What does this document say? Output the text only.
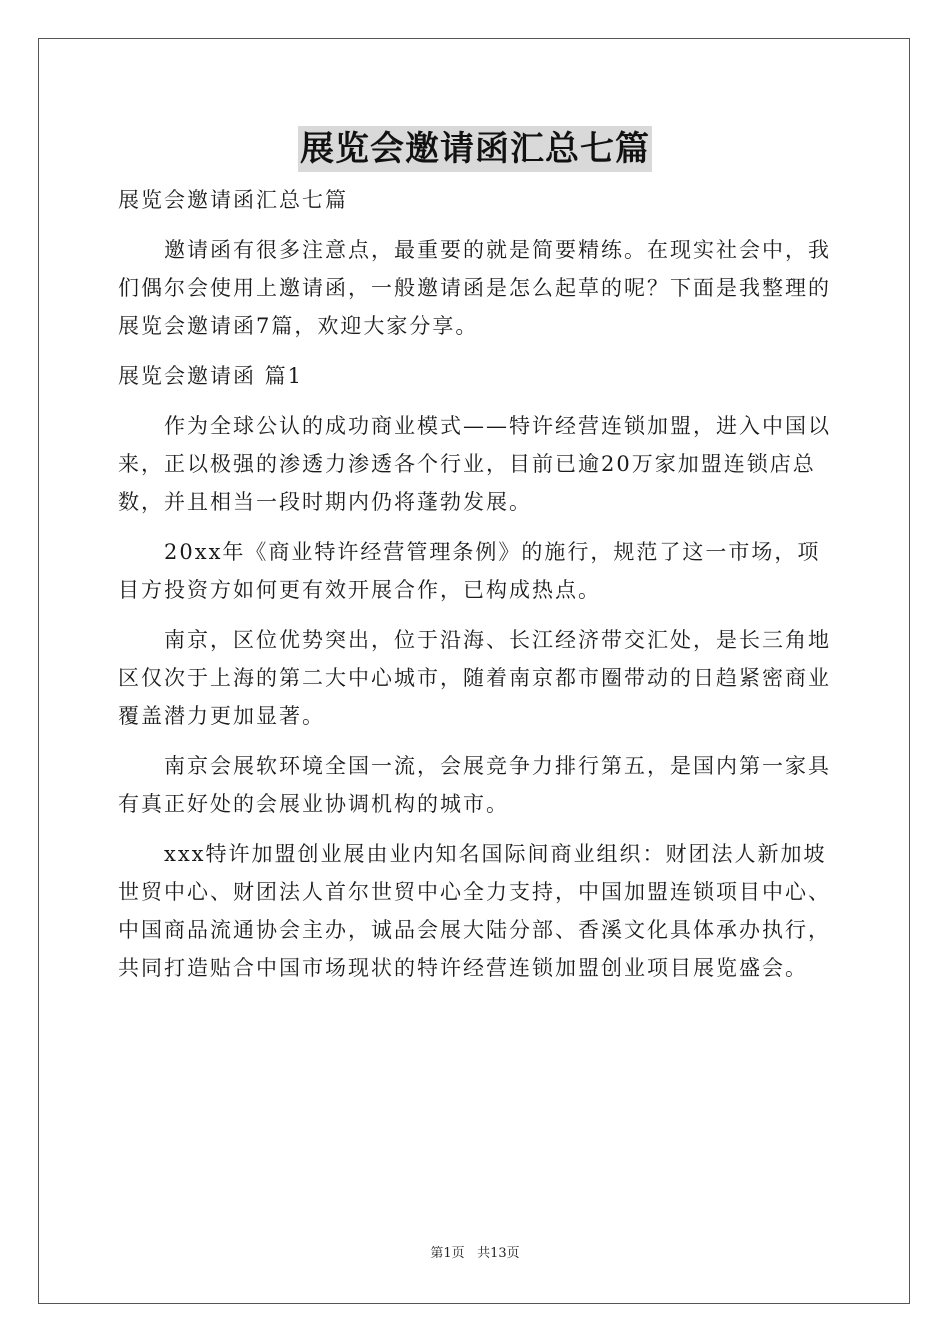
展览会邀请函汇总七篇

展览会邀请函汇总七篇

邀请函有很多注意点，最重要的就是简要精练。在现实社会中，我们偶尔会使用上邀请函，一般邀请函是怎么起草的呢？下面是我整理的展览会邀请函7篇，欢迎大家分享。

展览会邀请函 篇1

作为全球公认的成功商业模式——特许经营连锁加盟，进入中国以来，正以极强的渗透力渗透各个行业，目前已逾20万家加盟连锁店总数，并且相当一段时期内仍将蓬勃发展。

20xx年《商业特许经营管理条例》的施行，规范了这一市场，项目方投资方如何更有效开展合作，已构成热点。

南京，区位优势突出，位于沿海、长江经济带交汇处，是长三角地区仅次于上海的第二大中心城市，随着南京都市圈带动的日趋紧密商业覆盖潜力更加显著。

南京会展软环境全国一流，会展竞争力排行第五，是国内第一家具有真正好处的会展业协调机构的城市。

xxx特许加盟创业展由业内知名国际间商业组织：财团法人新加坡世贸中心、财团法人首尔世贸中心全力支持，中国加盟连锁项目中心、中国商品流通协会主办，诚品会展大陆分部、香溪文化具体承办执行，共同打造贴合中国市场现状的特许经营连锁加盟创业项目展览盛会。

第1页 共13页
